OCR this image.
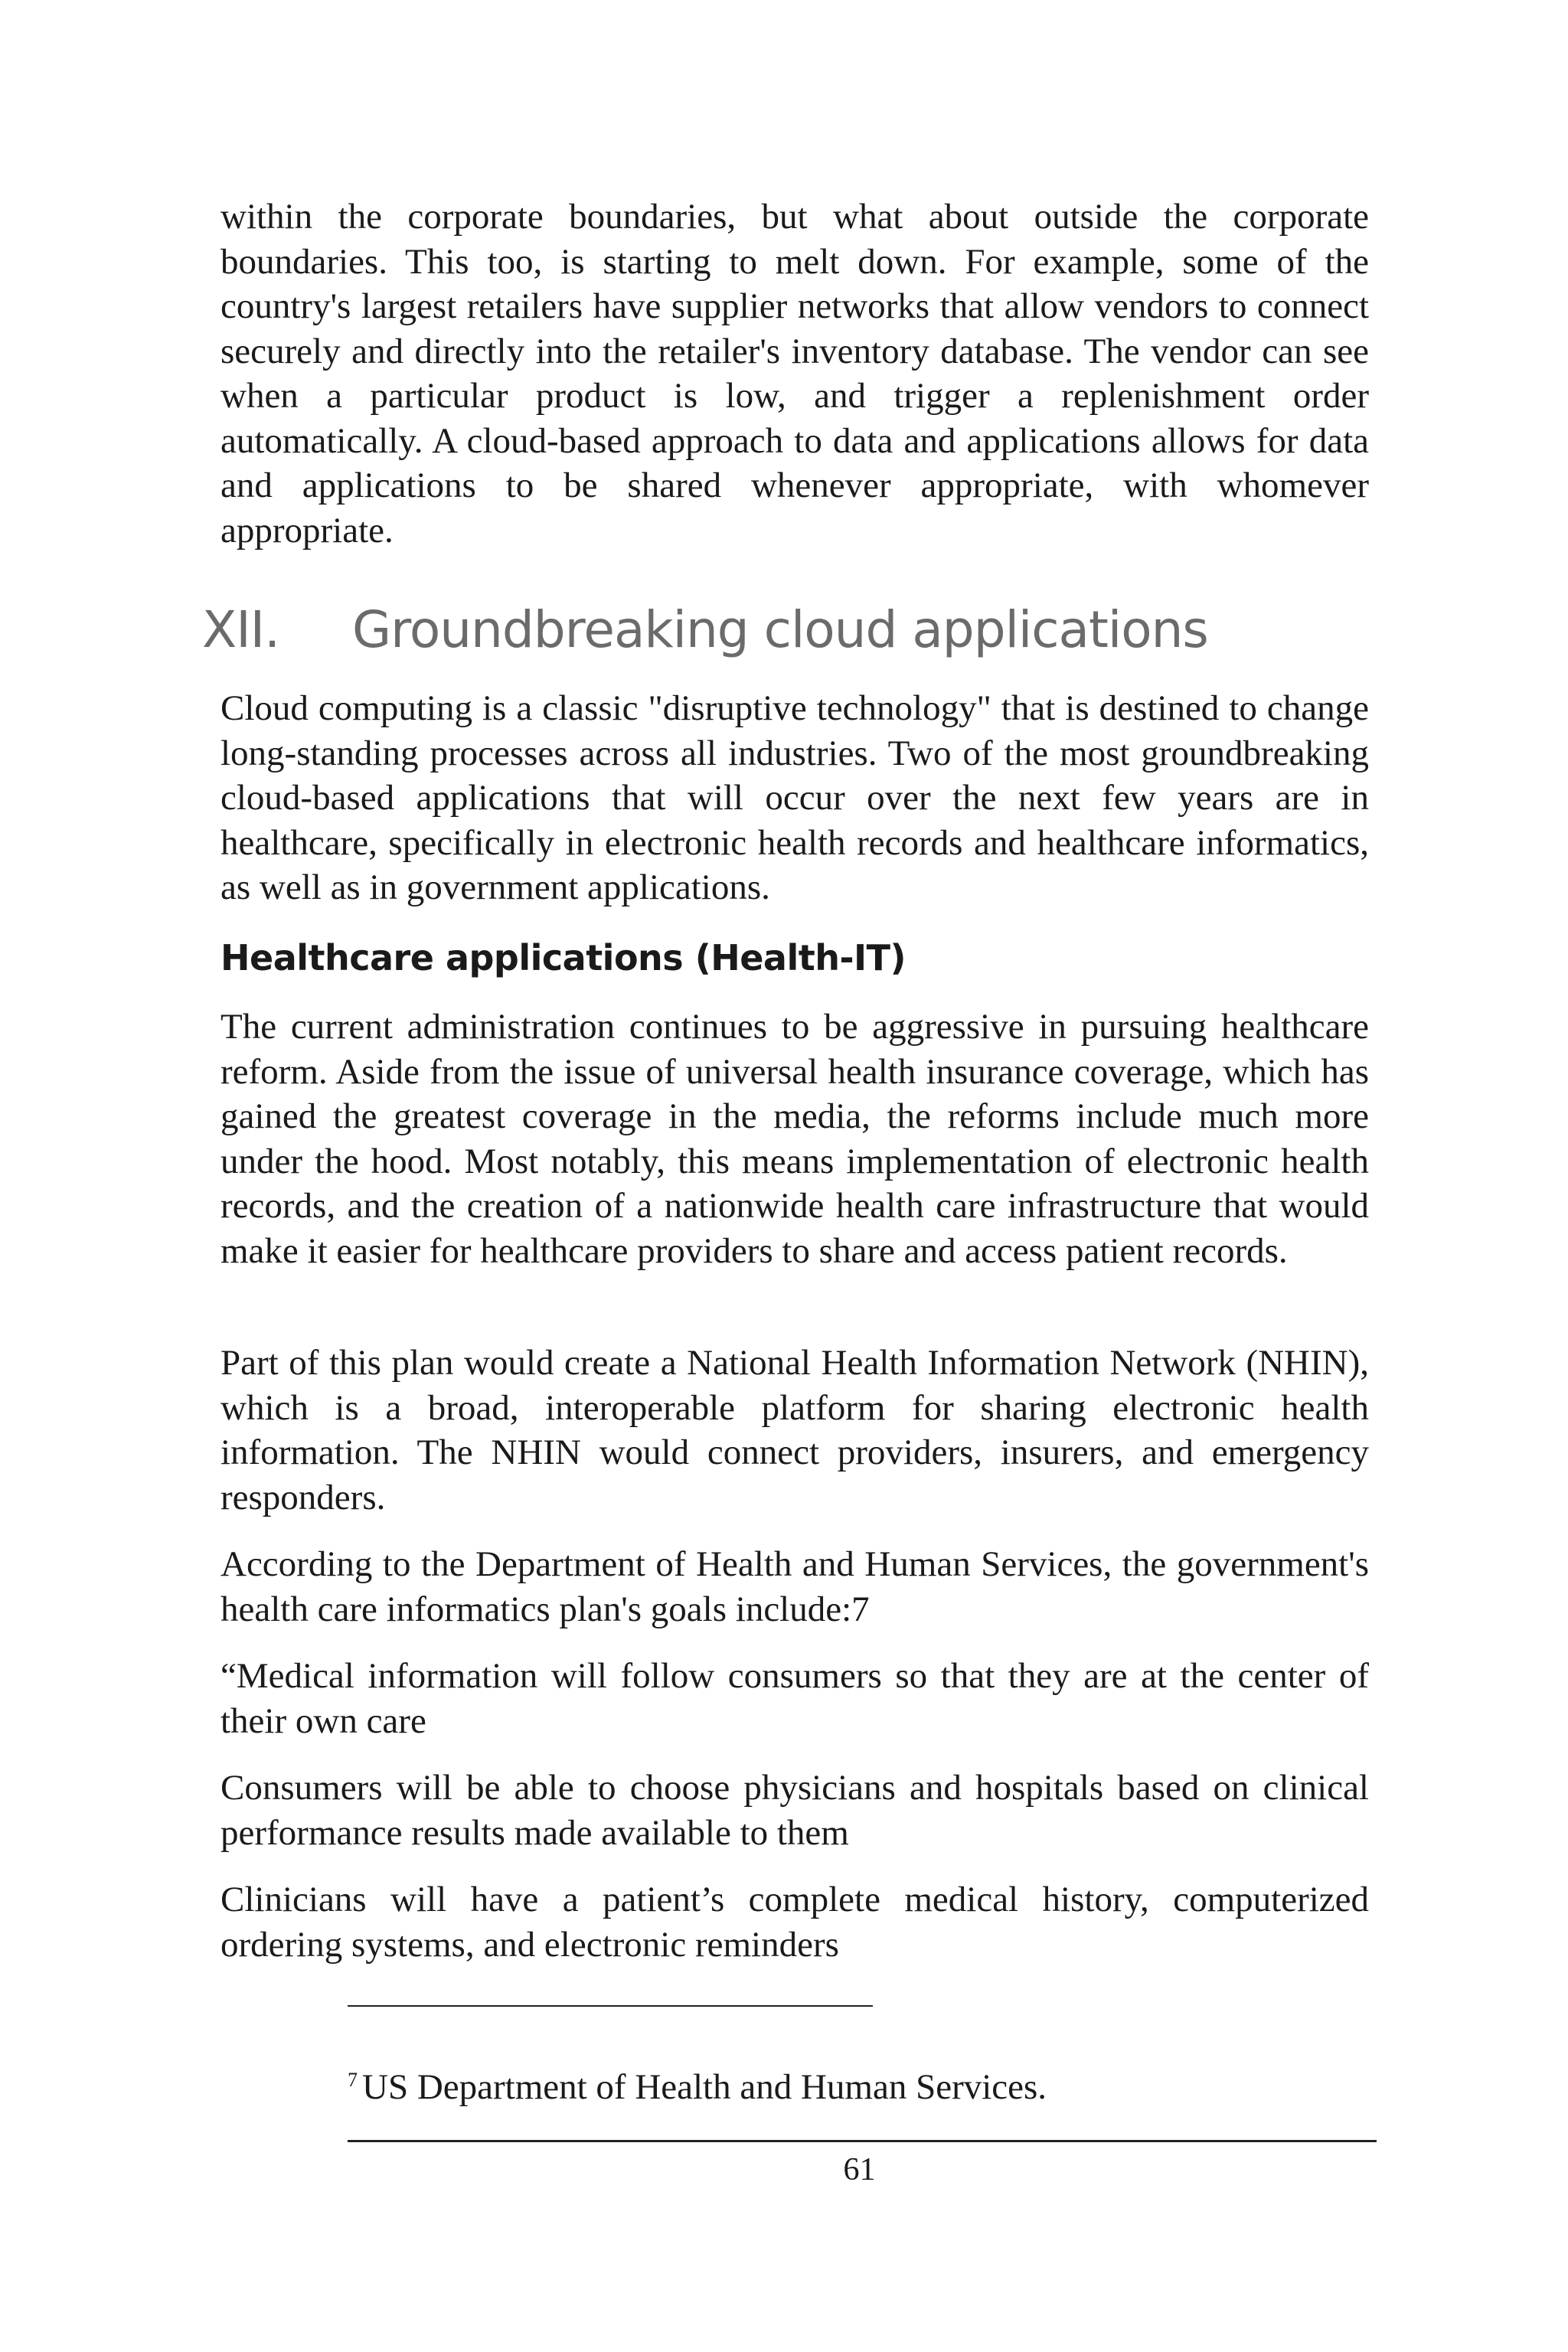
within the corporate boundaries, but what about outside the corporate boundaries. This too, is starting to melt down. For example, some of the country's largest retailers have supplier networks that allow vendors to connect securely and directly into the retailer's inventory database. The vendor can see when a particular product is low, and trigger a replenishment order automatically. A cloud-based approach to data and applications allows for data and applications to be shared whenever appropriate, with whomever appropriate.

XII. Groundbreaking cloud applications

Cloud computing is a classic "disruptive technology" that is destined to change long-standing processes across all industries. Two of the most groundbreaking cloud-based applications that will occur over the next few years are in healthcare, specifically in electronic health records and healthcare informatics, as well as in government applications.

Healthcare applications (Health-IT)

The current administration continues to be aggressive in pursuing healthcare reform. Aside from the issue of universal health insurance coverage, which has gained the greatest coverage in the media, the reforms include much more under the hood. Most notably, this means implementation of electronic health records, and the creation of a nationwide health care infrastructure that would make it easier for healthcare providers to share and access patient records.

Part of this plan would create a National Health Information Network (NHIN), which is a broad, interoperable platform for sharing electronic health information. The NHIN would connect providers, insurers, and emergency responders.

According to the Department of Health and Human Services, the government's health care informatics plan's goals include:7

“Medical information will follow consumers so that they are at the center of their own care

Consumers will be able to choose physicians and hospitals based on clinical performance results made available to them

Clinicians will have a patient’s complete medical history, computerized ordering systems, and electronic reminders

$^7$ US Department of Health and Human Services.
61
